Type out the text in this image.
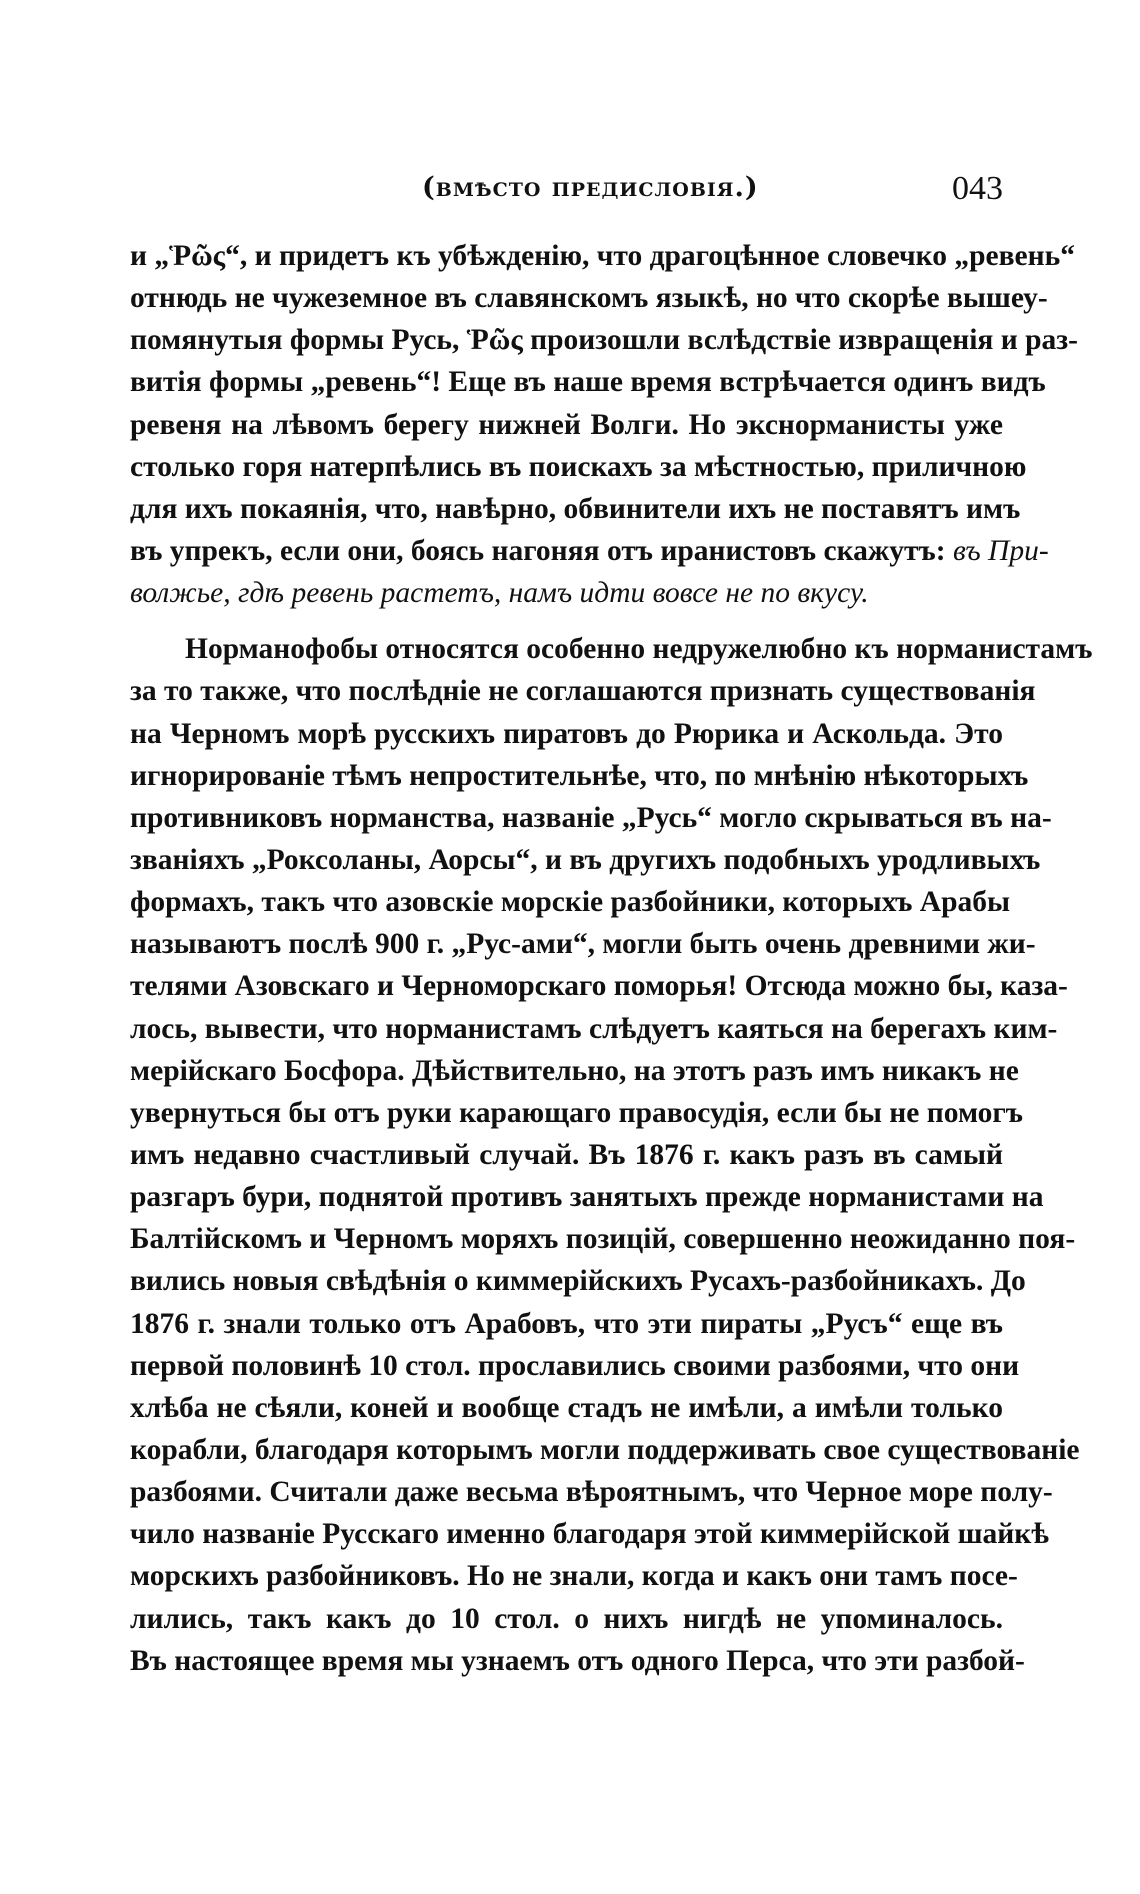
(вмѣсто предисловія.)	043
и „Ῥῶς“, и придетъ къ убѣжденію, что драгоцѣнное словечко „ревень“
отнюдь не чужеземное въ славянскомъ языкѣ, но что скорѣе вышеу-
помянутыя формы Русь, Ῥῶς произошли вслѣдствіе извращенія и раз-
витія формы „ревень“! Еще въ наше время встрѣчается одинъ видъ
ревеня на лѣвомъ берегу нижней Волги. Но экснорманисты уже
столько горя натерпѣлись въ поискахъ за мѣстностью, приличною
для ихъ покаянія, что, навѣрно, обвинители ихъ не поставятъ имъ
въ упрекъ, если они, боясь нагоняя отъ иранистовъ скажутъ: въ При-
волжье, гдѣ ревень растетъ, намъ идти вовсе не по вкусу.
Норманофобы относятся особенно недружелюбно къ норманистамъ
за то также, что послѣдніе не соглашаются признать существованія
на Черномъ морѣ русскихъ пиратовъ до Рюрика и Аскольда. Это
игнорированіе тѣмъ непростительнѣе, что, по мнѣнію нѣкоторыхъ
противниковъ норманства, названіе „Русь“ могло скрываться въ на-
званіяхъ „Роксоланы, Аорсы“, и въ другихъ подобныхъ уродливыхъ
формахъ, такъ что азовскіе морскіе разбойники, которыхъ Арабы
называютъ послѣ 900 г. „Рус-ами“, могли быть очень древними жи-
телями Азовскаго и Черноморскаго поморья! Отсюда можно бы, каза-
лось, вывести, что норманистамъ слѣдуетъ каяться на берегахъ ким-
мерійскаго Босфора. Дѣйствительно, на этотъ разъ имъ никакъ не
увернуться бы отъ руки карающаго правосудія, если бы не помогъ
имъ недавно счастливый случай. Въ 1876 г. какъ разъ въ самый
разгаръ бури, поднятой противъ занятыхъ прежде норманистами на
Балтійскомъ и Черномъ моряхъ позицій, совершенно неожиданно поя-
вились новыя свѣдѣнія о киммерійскихъ Русахъ-разбойникахъ. До
1876 г. знали только отъ Арабовъ, что эти пираты „Русъ“ еще въ
первой половинѣ 10 стол. прославились своими разбоями, что они
хлѣба не сѣяли, коней и вообще стадъ не имѣли, а имѣли только
корабли, благодаря которымъ могли поддерживать свое существованіе
разбоями. Считали даже весьма вѣроятнымъ, что Черное море полу-
чило названіе Русскаго именно благодаря этой киммерійской шайкѣ
морскихъ разбойниковъ. Но не знали, когда и какъ они тамъ посе-
лились, такъ какъ до 10 стол. о нихъ нигдѣ не упоминалось.
Въ настоящее время мы узнаемъ отъ одного Перса, что эти разбой-
